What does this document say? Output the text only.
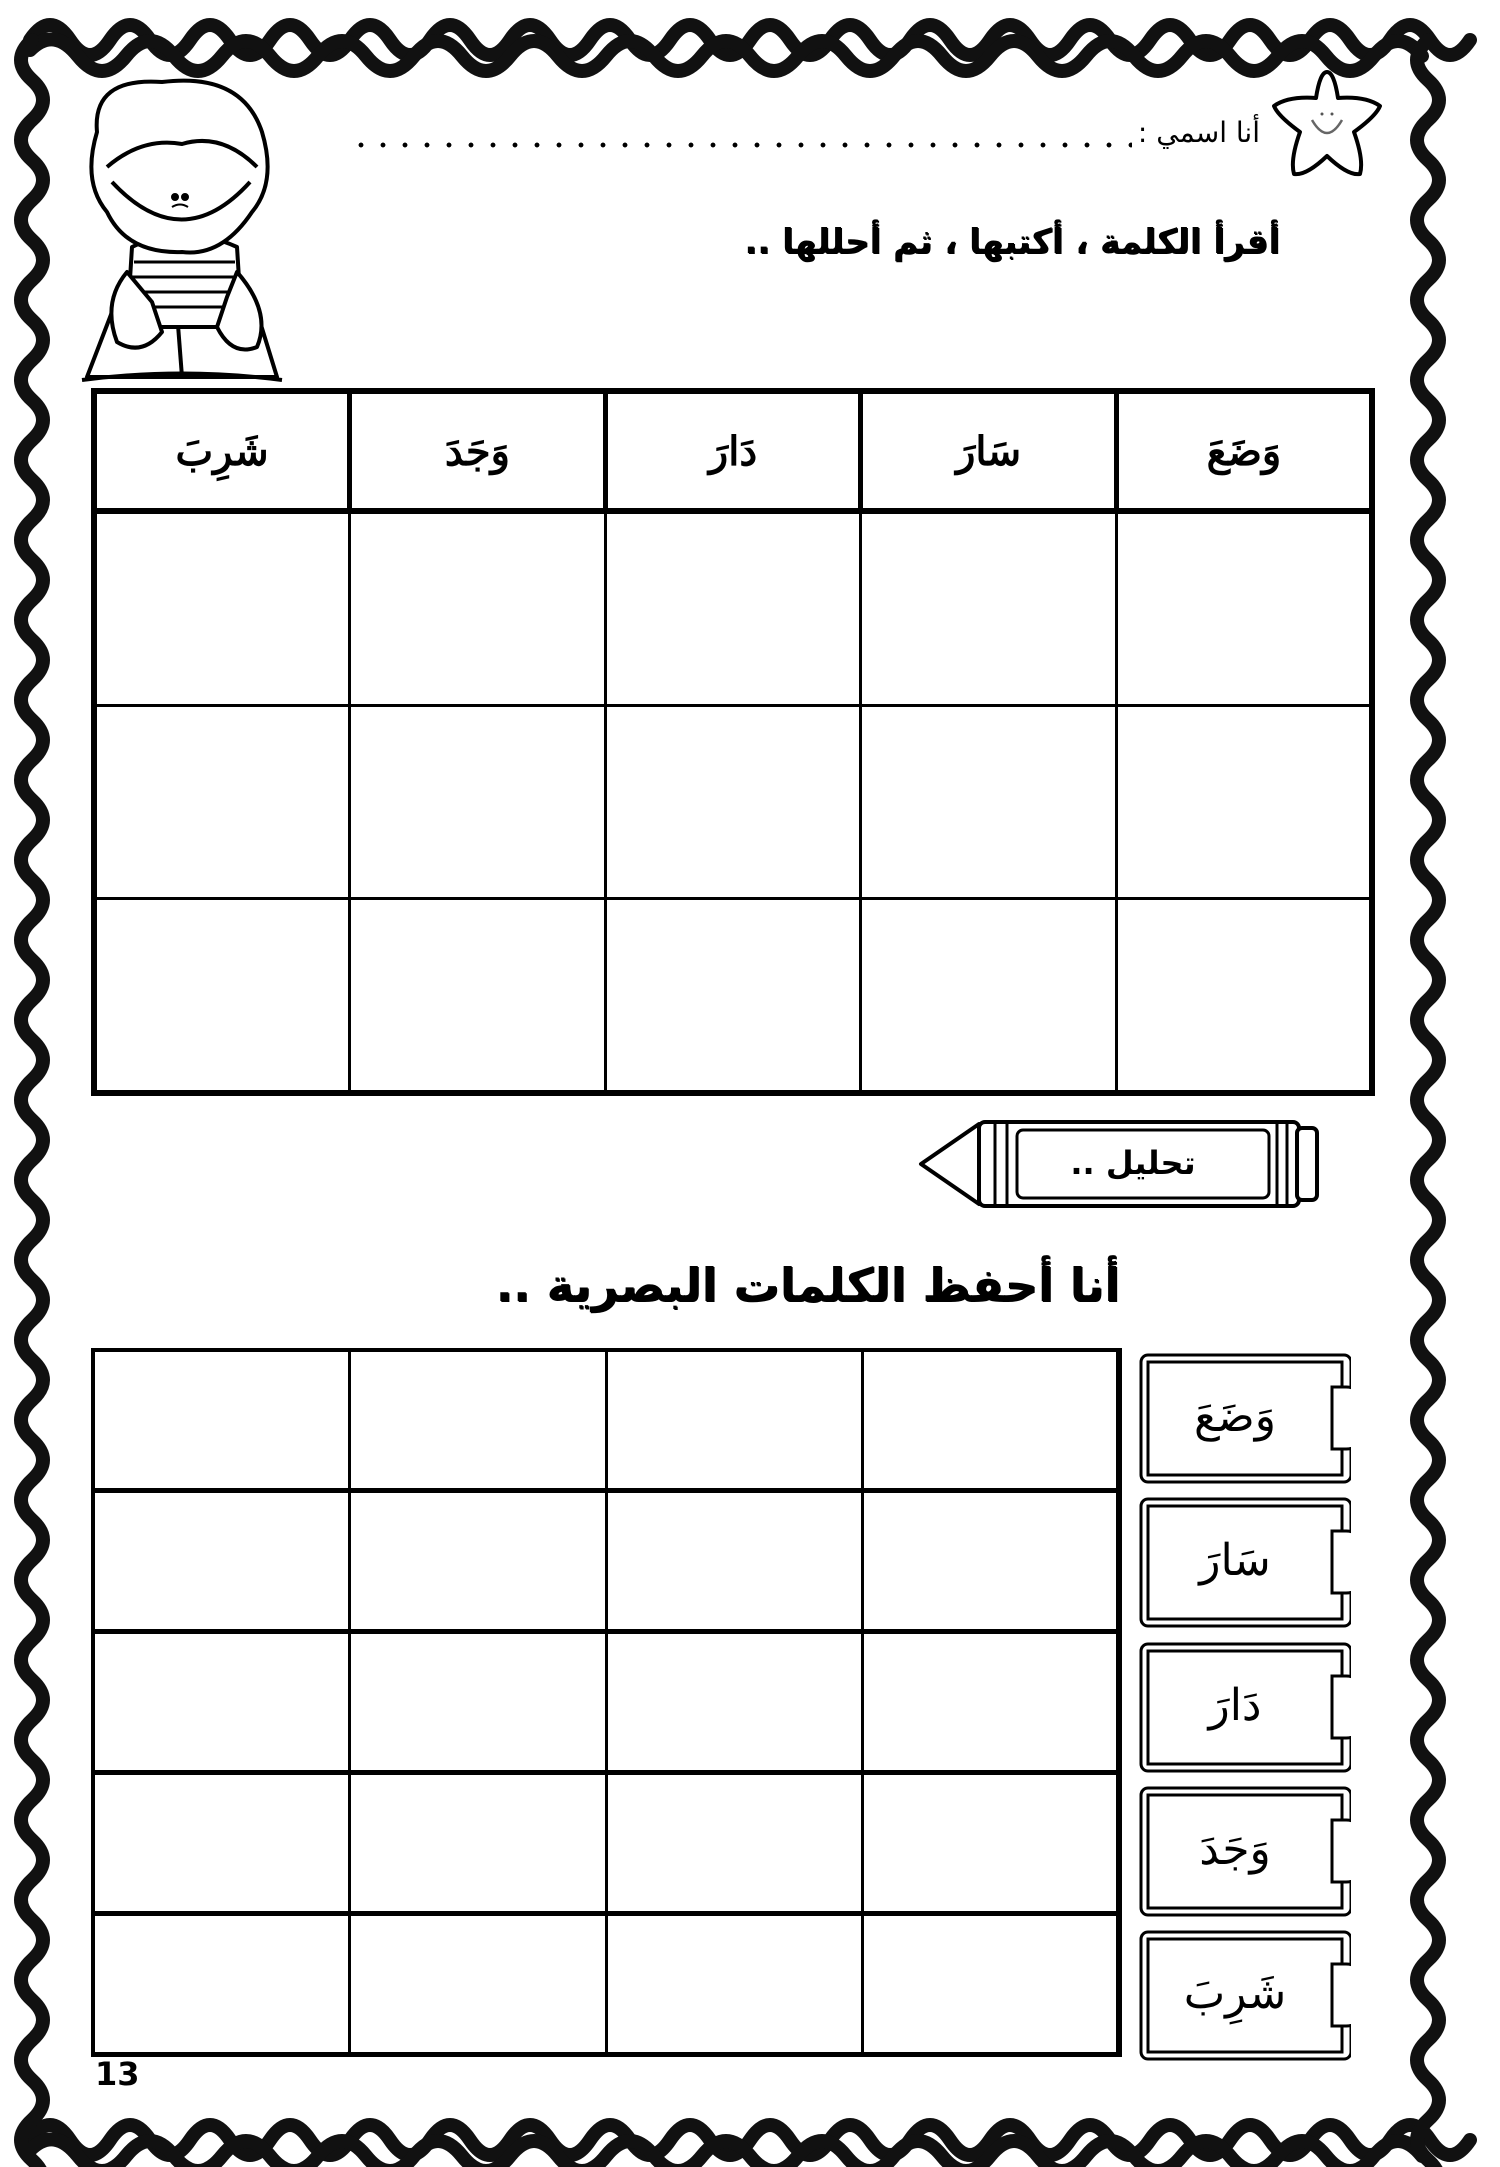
أنا اسمي :
أقرأ الكلمة ، أكتبها ، ثم أحللها ..
وَضَعَ	سَارَ	دَارَ	وَجَدَ	شَرِبَ

تحليل ..
أنا أحفظ الكلمات البصرية ..

وَضَعَ
سَارَ
دَارَ
وَجَدَ
شَرِبَ
13
